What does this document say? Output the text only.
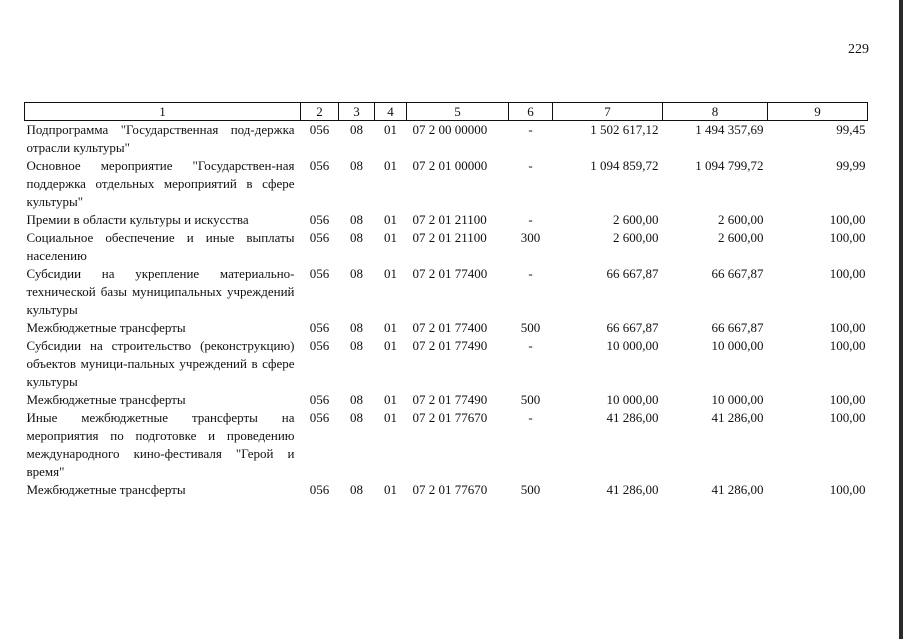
229
1	2	3	4	5	6	7	8	9
Подпрограмма "Государственная под-держка отрасли культуры"	056	08	01	07 2 00 00000	-	1 502 617,12	1 494 357,69	99,45
Основное мероприятие "Государствен-ная поддержка отдельных мероприятий в сфере культуры"	056	08	01	07 2 01 00000	-	1 094 859,72	1 094 799,72	99,99
Премии в области культуры и искусства	056	08	01	07 2 01 21100	-	2 600,00	2 600,00	100,00
Социальное обеспечение и иные выплаты населению	056	08	01	07 2 01 21100	300	2 600,00	2 600,00	100,00
Субсидии на укрепление материально-технической базы муниципальных учреждений культуры	056	08	01	07 2 01 77400	-	66 667,87	66 667,87	100,00
Межбюджетные трансферты	056	08	01	07 2 01 77400	500	66 667,87	66 667,87	100,00
Субсидии на строительство (реконструкцию) объектов муници-пальных учреждений в сфере культуры	056	08	01	07 2 01 77490	-	10 000,00	10 000,00	100,00
Межбюджетные трансферты	056	08	01	07 2 01 77490	500	10 000,00	10 000,00	100,00
Иные межбюджетные трансферты на мероприятия по подготовке и проведению международного кино-фестиваля "Герой и время"	056	08	01	07 2 01 77670	-	41 286,00	41 286,00	100,00
Межбюджетные трансферты	056	08	01	07 2 01 77670	500	41 286,00	41 286,00	100,00
